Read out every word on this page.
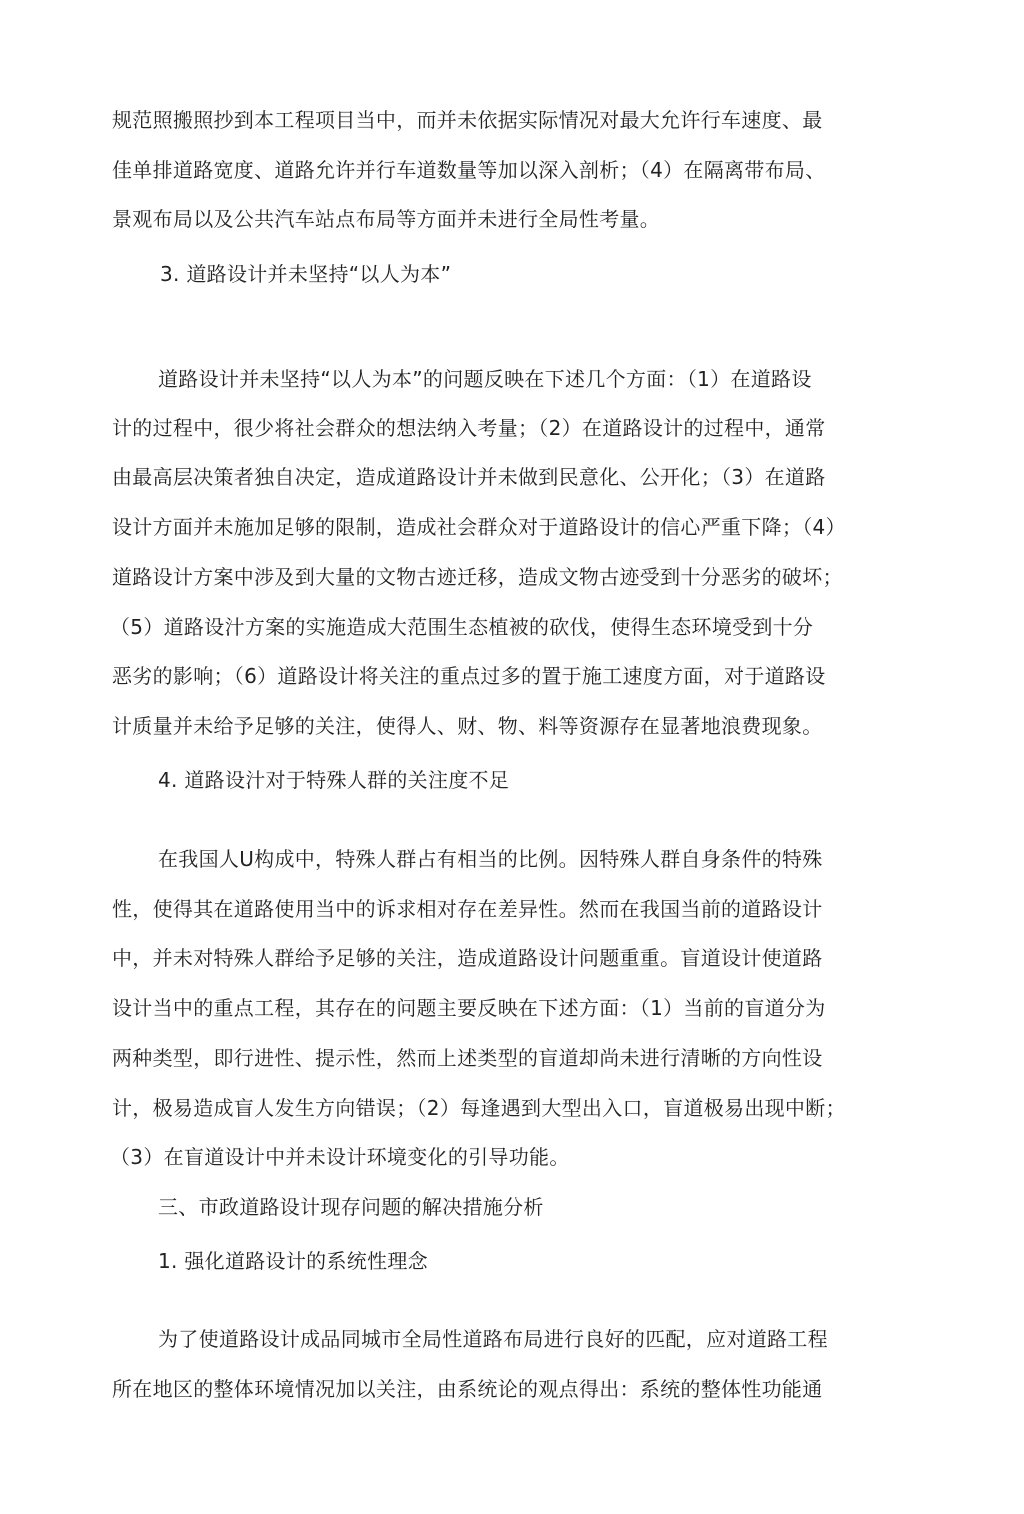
规范照搬照抄到本工程项目当中，而并未依据实际情况对最大允许行车速度、最
佳单排道路宽度、道路允许并行车道数量等加以深入剖析；（4）在隔离带布局、
景观布局以及公共汽车站点布局等方面并未进行全局性考量。
3. 道路设计并未坚持“以人为本”
道路设计并未坚持“以人为本”的问题反映在下述几个方面：（1）在道路设
计的过程中，很少将社会群众的想法纳入考量；（2）在道路设计的过程中，通常
由最高层决策者独自决定，造成道路设计并未做到民意化、公开化；（3）在道路
设计方面并未施加足够的限制，造成社会群众对于道路设计的信心严重下降；（4）
道路设计方案中涉及到大量的文物古迹迁移，造成文物古迹受到十分恶劣的破坏；
（5）道路设汁方案的实施造成大范围生态植被的砍伐，使得生态环境受到十分
恶劣的影响；（6）道路设计将关注的重点过多的置于施工速度方面，对于道路设
计质量并未给予足够的关注，使得人、财、物、料等资源存在显著地浪费现象。
4. 道路设汁对于特殊人群的关注度不足
在我国人U构成中，特殊人群占有相当的比例。因特殊人群自身条件的特殊
性，使得其在道路使用当中的诉求相对存在差异性。然而在我国当前的道路设计
中，并未对特殊人群给予足够的关注，造成道路设计问题重重。盲道设计使道路
设计当中的重点工程，其存在的问题主要反映在下述方面：（1）当前的盲道分为
两种类型，即行进性、提示性，然而上述类型的盲道却尚未进行清晰的方向性设
计，极易造成盲人发生方向错误；（2）每逢遇到大型出入口，盲道极易出现中断；
（3）在盲道设计中并未设计环境变化的引导功能。
三、市政道路设计现存问题的解决措施分析
1. 强化道路设计的系统性理念
为了使道路设计成品同城市全局性道路布局进行良好的匹配，应对道路工程
所在地区的整体环境情况加以关注，由系统论的观点得出：系统的整体性功能通
